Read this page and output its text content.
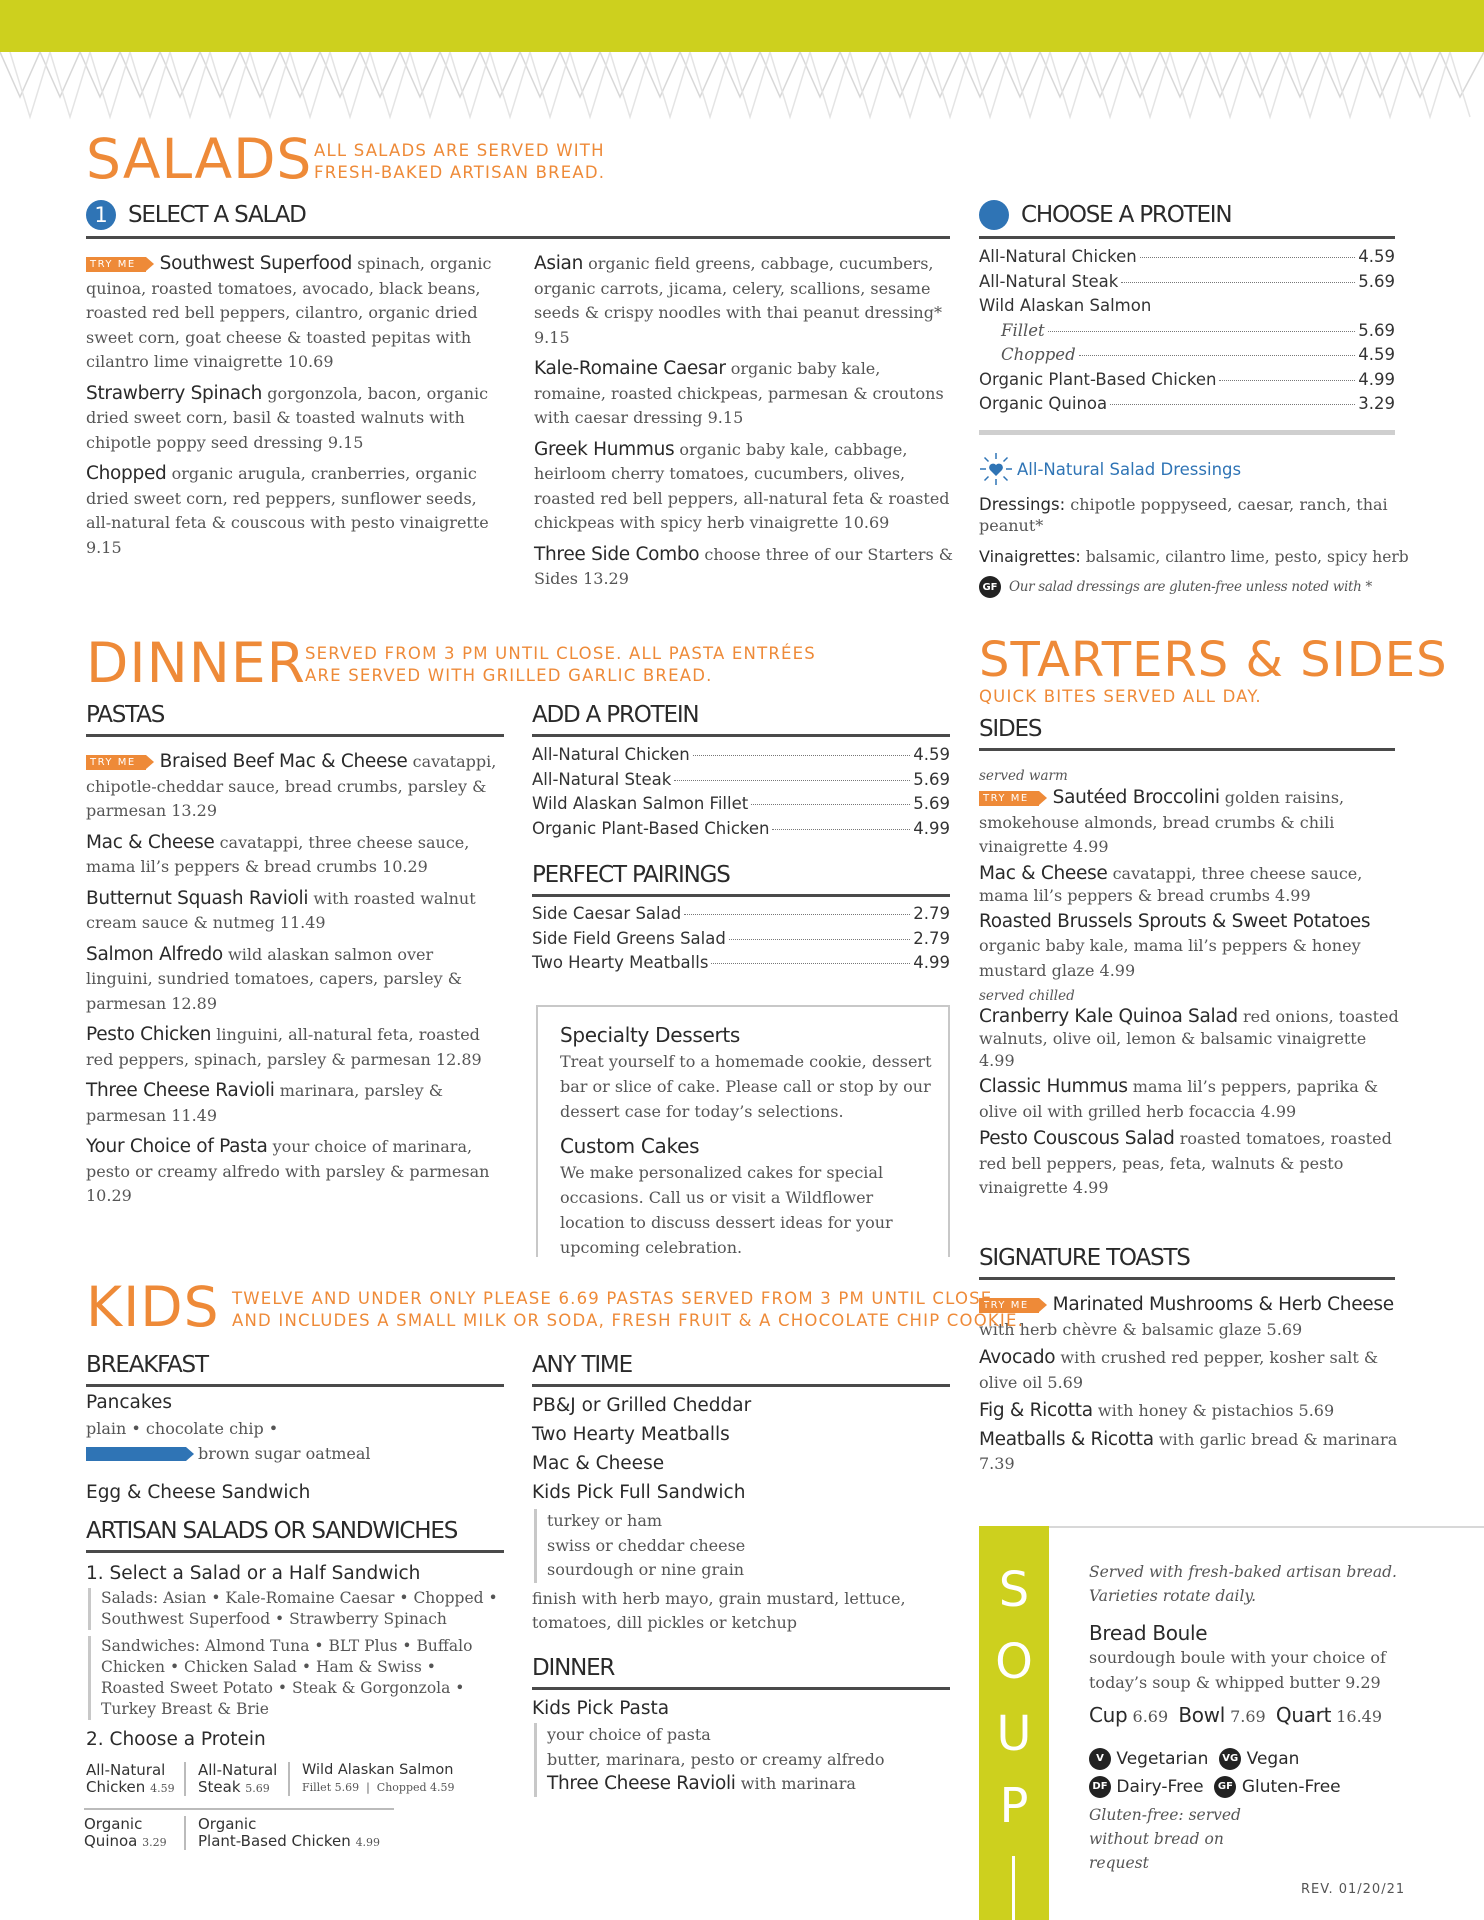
SALADS ALL SALADS ARE SERVED WITH
FRESH-BAKED ARTISAN BREAD.
1 SELECT A SALAD
TRY ME Southwest Superfood spinach, organic quinoa, roasted tomatoes, avocado, black beans, roasted red bell peppers, cilantro, organic dried sweet corn, goat cheese & toasted pepitas with cilantro lime vinaigrette 10.69
Strawberry Spinach gorgonzola, bacon, organic dried sweet corn, basil & toasted walnuts with chipotle poppy seed dressing 9.15
Chopped organic arugula, cranberries, organic dried sweet corn, red peppers, sunflower seeds, all-natural feta & couscous with pesto vinaigrette 9.15
Asian organic field greens, cabbage, cucumbers, organic carrots, jicama, celery, scallions, sesame seeds & crispy noodles with thai peanut dressing* 9.15
Kale-Romaine Caesar organic baby kale, romaine, roasted chickpeas, parmesan & croutons with caesar dressing 9.15
Greek Hummus organic baby kale, cabbage, heirloom cherry tomatoes, cucumbers, olives, roasted red bell peppers, all-natural feta & roasted chickpeas with spicy herb vinaigrette 10.69
Three Side Combo choose three of our Starters & Sides 13.29
CHOOSE A PROTEIN
All-Natural Chicken	4.59
All-Natural Steak	5.69
Wild Alaskan Salmon
Fillet	5.69
Chopped	4.59
Organic Plant-Based Chicken	4.99
Organic Quinoa	3.29
All-Natural Salad Dressings
Dressings: chipotle poppyseed, caesar, ranch, thai peanut*
Vinaigrettes: balsamic, cilantro lime, pesto, spicy herb
GF Our salad dressings are gluten-free unless noted with *
DINNER SERVED FROM 3 PM UNTIL CLOSE. ALL PASTA ENTRÉES
ARE SERVED WITH GRILLED GARLIC BREAD.
PASTAS
TRY ME Braised Beef Mac & Cheese cavatappi, chipotle-cheddar sauce, bread crumbs, parsley & parmesan 13.29
Mac & Cheese cavatappi, three cheese sauce, mama lil’s peppers & bread crumbs 10.29
Butternut Squash Ravioli with roasted walnut cream sauce & nutmeg 11.49
Salmon Alfredo wild alaskan salmon over linguini, sundried tomatoes, capers, parsley & parmesan 12.89
Pesto Chicken linguini, all-natural feta, roasted red peppers, spinach, parsley & parmesan 12.89
Three Cheese Ravioli marinara, parsley & parmesan 11.49
Your Choice of Pasta your choice of marinara, pesto or creamy alfredo with parsley & parmesan 10.29
ADD A PROTEIN
All-Natural Chicken	4.59
All-Natural Steak	5.69
Wild Alaskan Salmon Fillet	5.69
Organic Plant-Based Chicken	4.99
PERFECT PAIRINGS
Side Caesar Salad	2.79
Side Field Greens Salad	2.79
Two Hearty Meatballs	4.99
Specialty Desserts
Treat yourself to a homemade cookie, dessert bar or slice of cake. Please call or stop by our dessert case for today’s selections.
Custom Cakes
We make personalized cakes for special occasions. Call us or visit a Wildflower location to discuss dessert ideas for your upcoming celebration.
STARTERS & SIDES
QUICK BITES SERVED ALL DAY.
SIDES
served warm
TRY ME Sautéed Broccolini golden raisins, smokehouse almonds, bread crumbs & chili vinaigrette 4.99
Mac & Cheese cavatappi, three cheese sauce, mama lil’s peppers & bread crumbs 4.99
Roasted Brussels Sprouts & Sweet Potatoes organic baby kale, mama lil’s peppers & honey mustard glaze 4.99
served chilled
Cranberry Kale Quinoa Salad red onions, toasted walnuts, olive oil, lemon & balsamic vinaigrette 4.99
Classic Hummus mama lil’s peppers, paprika & olive oil with grilled herb focaccia 4.99
Pesto Couscous Salad roasted tomatoes, roasted red bell peppers, peas, feta, walnuts & pesto vinaigrette 4.99
SIGNATURE TOASTS
TRY ME Marinated Mushrooms & Herb Cheese with herb chèvre & balsamic glaze 5.69
Avocado with crushed red pepper, kosher salt & olive oil 5.69
Fig & Ricotta with honey & pistachios 5.69
Meatballs & Ricotta with garlic bread & marinara 7.39
KIDS TWELVE AND UNDER ONLY PLEASE 6.69 PASTAS SERVED FROM 3 PM UNTIL CLOSE
AND INCLUDES A SMALL MILK OR SODA, FRESH FRUIT & A CHOCOLATE CHIP COOKIE.
BREAKFAST
Pancakes
plain • chocolate chip •
brown sugar oatmeal
Egg & Cheese Sandwich
ARTISAN SALADS OR SANDWICHES
1. Select a Salad or a Half Sandwich
Salads: Asian • Kale-Romaine Caesar • Chopped • Southwest Superfood • Strawberry Spinach
Sandwiches: Almond Tuna • BLT Plus • Buffalo Chicken • Chicken Salad • Ham & Swiss • Roasted Sweet Potato • Steak & Gorgonzola • Turkey Breast & Brie
2. Choose a Protein
All-Natural
Chicken 4.59
All-Natural
Steak 5.69
Wild Alaskan Salmon
Fillet 5.69  |  Chopped 4.59
Organic
Quinoa 3.29
Organic
Plant-Based Chicken 4.99
ANY TIME
PB&J or Grilled Cheddar
Two Hearty Meatballs
Mac & Cheese
Kids Pick Full Sandwich
turkey or ham
swiss or cheddar cheese
sourdough or nine grain
finish with herb mayo, grain mustard, lettuce, tomatoes, dill pickles or ketchup
DINNER
Kids Pick Pasta
your choice of pasta
butter, marinara, pesto or creamy alfredo
Three Cheese Ravioli with marinara
S
O
U
P
Served with fresh-baked artisan bread. Varieties rotate daily.
Bread Boule
sourdough boule with your choice of today’s soup & whipped butter 9.29
Cup 6.69 Bowl 7.69 Quart 16.49
V Vegetarian VG Vegan
DF Dairy-Free GF Gluten-Free
Gluten-free: served without bread on request
REV. 01/20/21
